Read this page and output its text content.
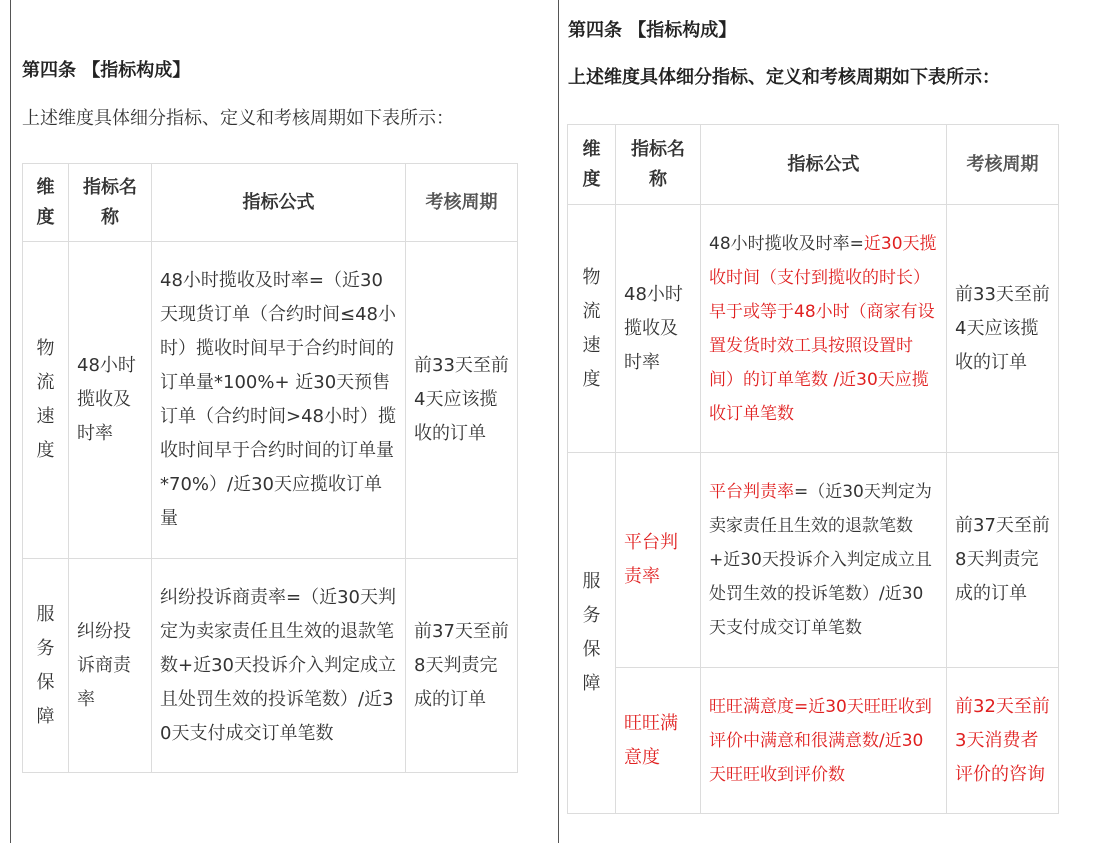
第四条 【指标构成】
上述维度具体细分指标、定义和考核周期如下表所示：
维度	指标名称	指标公式	考核周期
物流速度	48小时揽收及时率	48小时揽收及时率=（近30天现货订单（合约时间≤48小时）揽收时间早于合约时间的订单量*100%+ 近30天预售订单（合约时间>48小时）揽收时间早于合约时间的订单量*70%）/近30天应揽收订单量	前33天至前4天应该揽收的订单
服务保障	纠纷投诉商责率	纠纷投诉商责率=（近30天判定为卖家责任且生效的退款笔数+近30天投诉介入判定成立且处罚生效的投诉笔数）/近30天支付成交订单笔数	前37天至前8天判责完成的订单
第四条 【指标构成】
上述维度具体细分指标、定义和考核周期如下表所示：
维度	指标名称	指标公式	考核周期
物流速度	48小时揽收及时率	48小时揽收及时率=近30天揽收时间（支付到揽收的时长）早于或等于48小时（商家有设置发货时效工具按照设置时间）的订单笔数 /近30天应揽收订单笔数	前33天至前4天应该揽收的订单
服务保障	平台判责率	平台判责率=（近30天判定为卖家责任且生效的退款笔数+近30天投诉介入判定成立且处罚生效的投诉笔数）/近30天支付成交订单笔数	前37天至前8天判责完成的订单
	旺旺满意度	旺旺满意度=近30天旺旺收到评价中满意和很满意数/近30天旺旺收到评价数	前32天至前3天消费者评价的咨询
